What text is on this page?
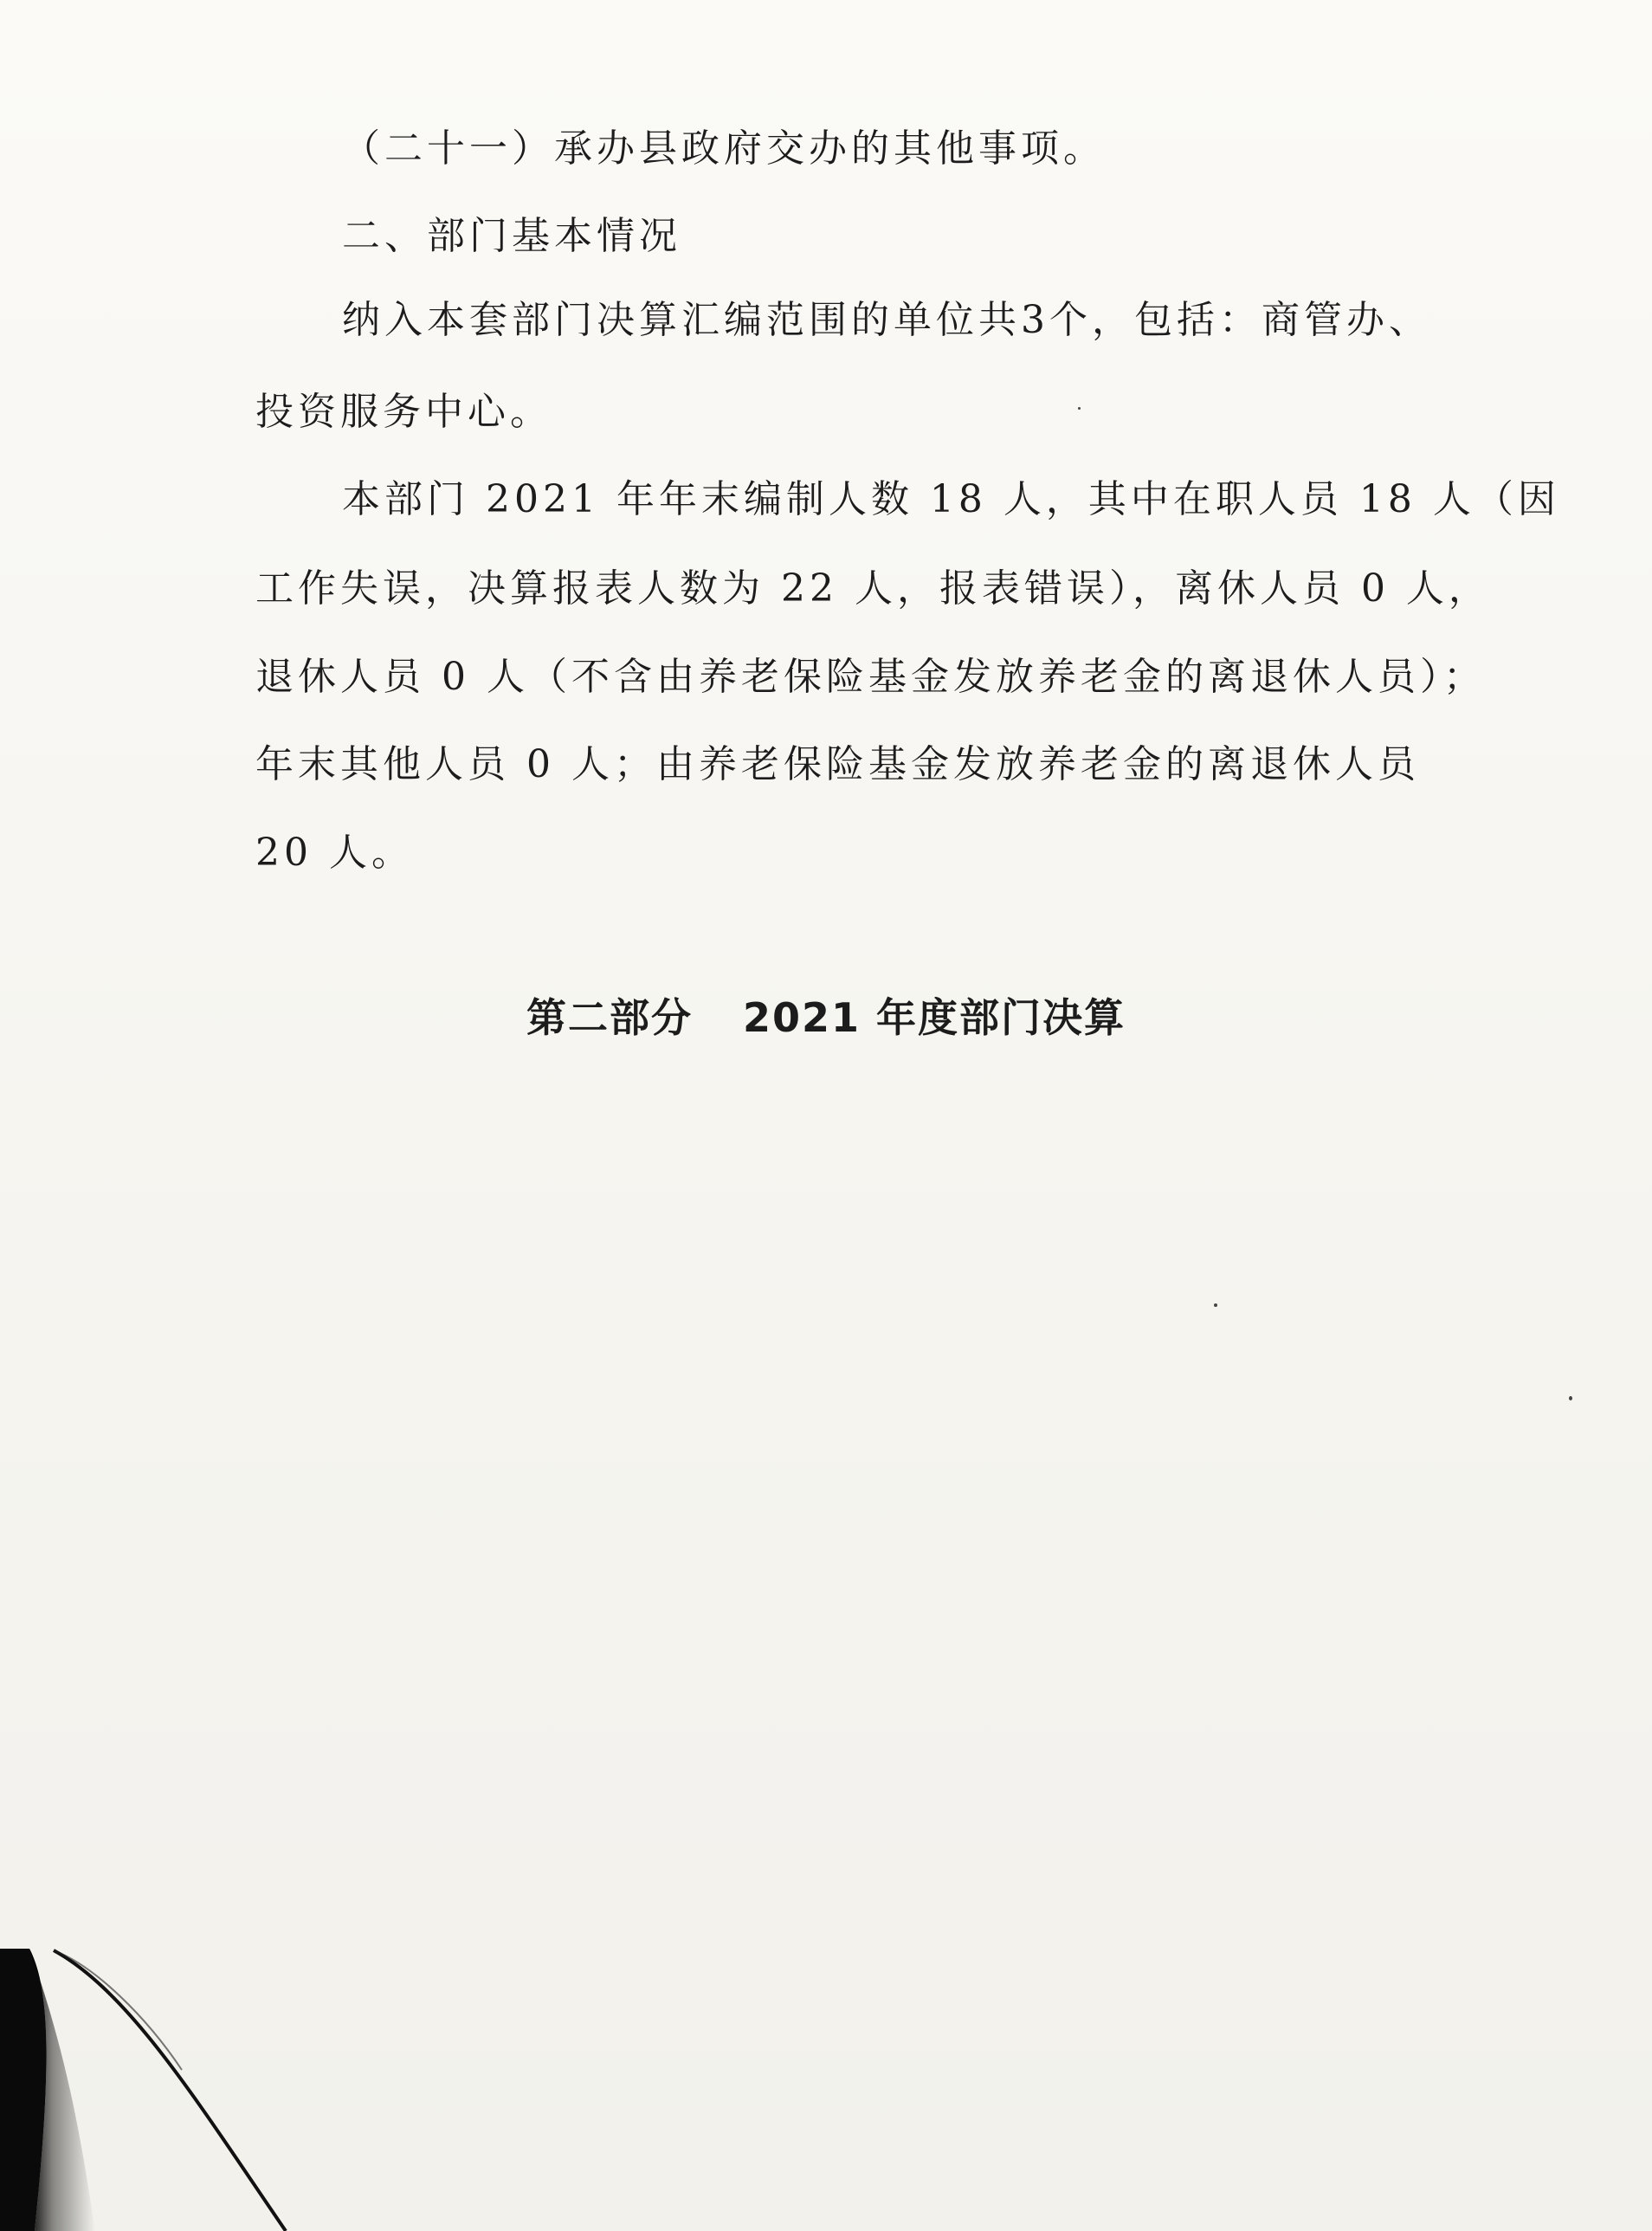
（二十一）承办县政府交办的其他事项。
二、部门基本情况
纳入本套部门决算汇编范围的单位共3个，包括：商管办、
投资服务中心。
本部门 2021 年年末编制人数 18 人，其中在职人员 18 人（因
工作失误，决算报表人数为 22 人，报表错误），离休人员 0 人，
退休人员 0 人（不含由养老保险基金发放养老金的离退休人员）；
年末其他人员 0 人；由养老保险基金发放养老金的离退休人员
20 人。
第二部分 2021 年度部门决算
